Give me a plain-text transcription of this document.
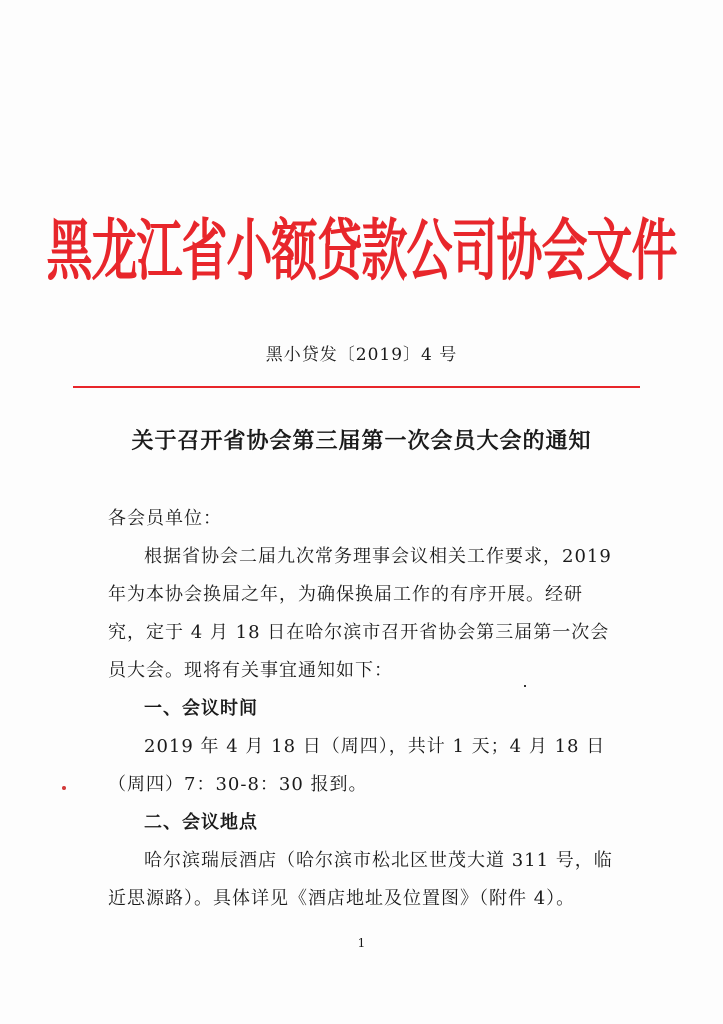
黑龙江省小额贷款公司协会文件
黑小贷发〔2019〕4 号
关于召开省协会第三届第一次会员大会的通知

各会员单位：

根据省协会二届九次常务理事会议相关工作要求，2019年为本协会换届之年，为确保换届工作的有序开展。经研究，定于 4 月 18 日在哈尔滨市召开省协会第三届第一次会员大会。现将有关事宜通知如下：

一、会议时间

2019 年 4 月 18 日（周四），共计 1 天；4 月 18 日（周四）7：30-8：30 报到。

二、会议地点

哈尔滨瑞辰酒店（哈尔滨市松北区世茂大道 311 号，临近思源路）。具体详见《酒店地址及位置图》（附件 4）。

1
